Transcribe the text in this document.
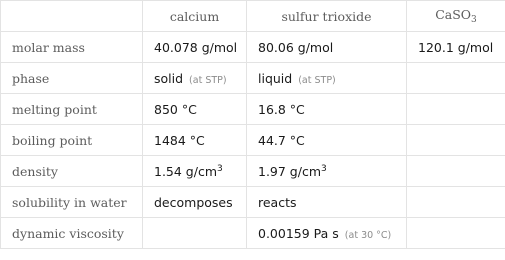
	calcium	sulfur trioxide	CaSO$_3$
molar mass	40.078 g/mol	80.06 g/mol	120.1 g/mol
phase	solid (at STP)	liquid (at STP)	
melting point	850 °C	16.8 °C	
boiling point	1484 °C	44.7 °C	
density	1.54 $g/cm^3$	1.97 $g/cm^3$	
solubility in water	decomposes	reacts	
dynamic viscosity		0.00159 Pa s (at 30 °C)	
